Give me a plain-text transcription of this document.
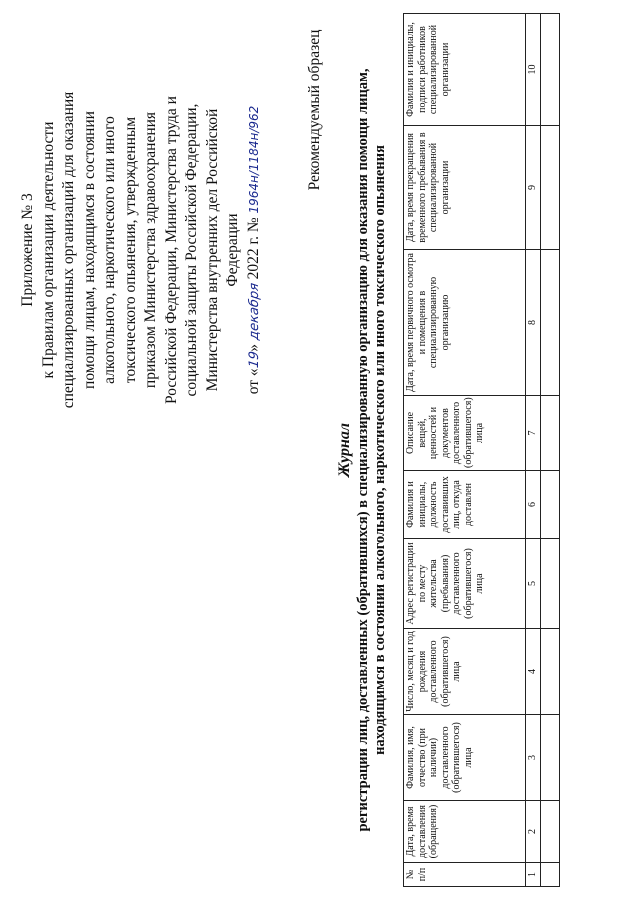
Приложение № 3 к Правилам организации деятельности специализированных организаций для оказания помощи лицам, находящимся в состоянии алкогольного, наркотического или иного токсического опьянения, утвержденным приказом Министерства здравоохранения Российской Федерации, Министерства труда и социальной защиты Российской Федерации, Министерства внутренних дел Российской Федерации
от «19» декабря 2022 г. № 1964н/1184н/962	Рекомендуемый образец
Журнал регистрации лиц, доставленных (обратившихся) в специализированную организацию для оказания помощи лицам, находящимся в состоянии алкогольного, наркотического или иного токсического опьянения
№ п/п	Дата, время доставления (обращения)	Фамилия, имя, отчество (при наличии) доставленного (обратившегося) лица	Число, месяц и год рождения доставленного (обратившегося) лица	Адрес регистрации по месту жительства (пребывания) доставленного (обратившегося) лица	Фамилия и инициалы, должность доставивших лиц, откуда доставлен	Описание вещей, ценностей и документов доставленного (обратившегося) лица	Дата, время первичного осмотра и помещения в специализированную организацию	Дата, время прекращения временного пребывания в специализированной организации	Фамилия и инициалы, подписи работников специализированной организации
1	2	3	4	5	6	7	8	9	10
